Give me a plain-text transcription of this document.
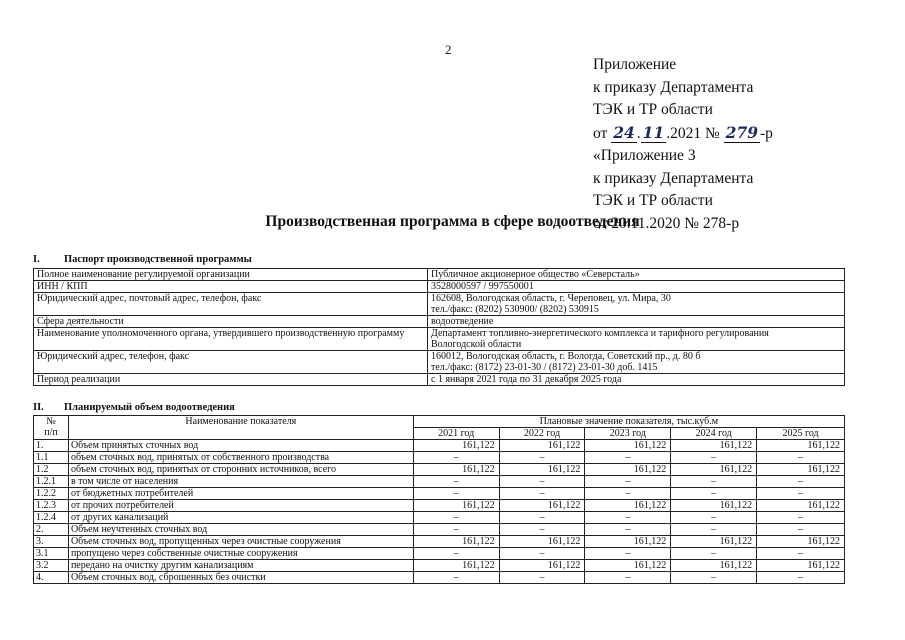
2
Приложение
к приказу Департамента
ТЭК и ТР области
от 24 . 11 .2021 № 279 -р
«Приложение 3
к приказу Департамента
ТЭК и ТР области
от 20.11.2020 № 278-р
Производственная программа в сфере водоотведения
I. Паспорт производственной программы
Полное наименование регулируемой организации	Публичное акционерное общество «Северсталь»

ИНН / КПП	3528000597 / 997550001

Юридический адрес, почтовый адрес, телефон, факс	162608, Вологодская область, г. Череповец, ул. Мира, 30
тел./факс: (8202) 530900/ (8202) 530915

Сфера деятельности	водоотведение

Наименование уполномоченного органа, утвердившего производственную программу	Департамент топливно-энергетического комплекса и тарифного регулирования
Вологодской области

Юридический адрес, телефон, факс	160012, Вологодская область, г. Вологда, Советский пр., д. 80 б
тел./факс: (8172) 23-01-30 / (8172) 23-01-30 доб. 1415

Период реализации	с 1 января 2021 года по 31 декабря 2025 года
II. Планируемый объем водоотведения
№
п/п	Наименование показателя	Плановые значение показателя, тыс.куб.м				
		2021 год	2022 год	2023 год	2024 год	2025 год
1.	Объем принятых сточных вод	161,122	161,122	161,122	161,122	161,122
1.1	объем сточных вод, принятых от собственного производства	–	–	–	–	–
1.2	объем сточных вод, принятых от сторонних источников, всего	161,122	161,122	161,122	161,122	161,122
1.2.1	в том числе от населения	–	–	–	–	–
1.2.2	от бюджетных потребителей	–	–	–	–	–
1.2.3	от прочих потребителей	161,122	161,122	161,122	161,122	161,122
1.2.4	от других канализаций	–	–	–	–	–
2.	Объем неучтенных сточных вод	–	–	–	–	–
3.	Объем сточных вод, пропущенных через очистные сооружения	161,122	161,122	161,122	161,122	161,122
3.1	пропущено через собственные очистные сооружения	–	–	–	–	–
3.2	передано на очистку другим канализациям	161,122	161,122	161,122	161,122	161,122
4.	Объем сточных вод, сброшенных без очистки	–	–	–	–	–
